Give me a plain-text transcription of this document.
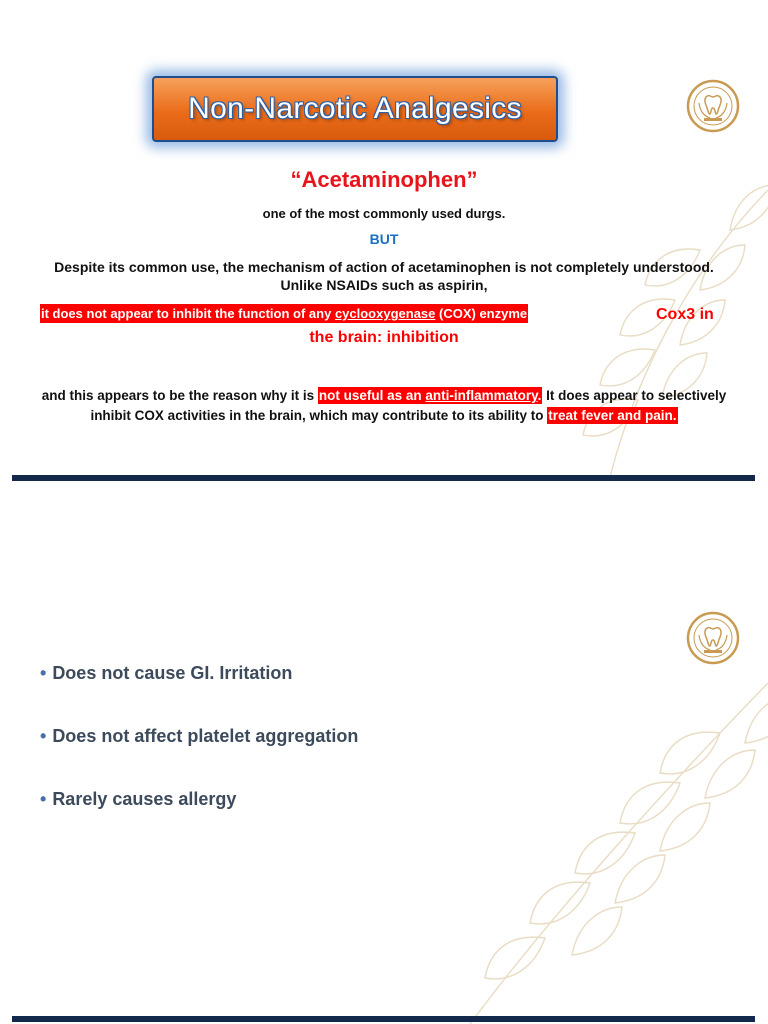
Non-Narcotic Analgesics
“Acetaminophen”
one of the most commonly used durgs.
BUT
Despite its common use, the mechanism of action of acetaminophen is not completely understood. Unlike NSAIDs such as aspirin,
it does not appear to inhibit the function of any cyclooxygenase (COX) enzyme	Cox3 in
the brain: inhibition
and this appears to be the reason why it is not useful as an anti-inflammatory. It does appear to selectively inhibit COX activities in the brain, which may contribute to its ability to treat fever and pain.
• Does not cause GI. Irritation
• Does not affect platelet aggregation
• Rarely causes allergy
